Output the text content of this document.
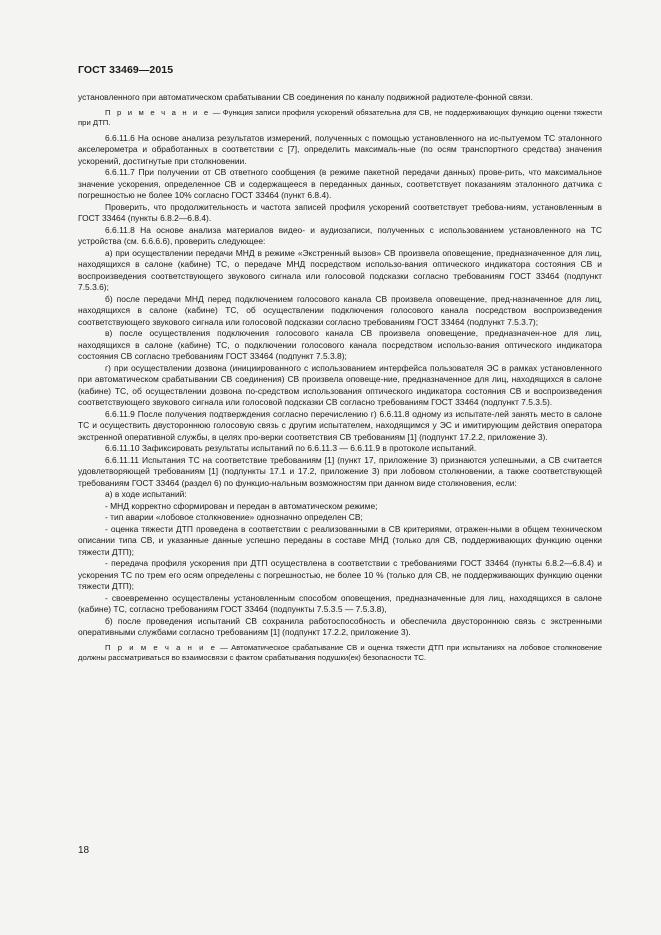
ГОСТ 33469—2015

установленного при автоматическом срабатывании СВ соединения по каналу подвижной радиотеле-фонной связи.

П р и м е ч а н и е — Функция записи профиля ускорений обязательна для СВ, не поддерживающих функцию оценки тяжести при ДТП.

6.6.11.6 На основе анализа результатов измерений, полученных с помощью установленного на ис-пытуемом ТС эталонного акселерометра и обработанных в соответствии с [7], определить максималь-ные (по осям транспортного средства) значения ускорений, достигнутые при столкновении.

6.6.11.7 При получении от СВ ответного сообщения (в режиме пакетной передачи данных) прове-рить, что максимальное значение ускорения, определенное СВ и содержащееся в переданных данных, соответствует показаниям эталонного датчика с погрешностью не более 10% согласно ГОСТ 33464 (пункт 6.8.4).

Проверить, что продолжительность и частота записей профиля ускорений соответствует требова-ниям, установленным в ГОСТ 33464 (пункты 6.8.2—6.8.4).

6.6.11.8 На основе анализа материалов видео- и аудиозаписи, полученных с использованием установленного на ТС устройства (см. 6.6.6.6), проверить следующее:

а) при осуществлении передачи МНД в режиме «Экстренный вызов» СВ произвела оповещение, предназначенное для лиц, находящихся в салоне (кабине) ТС, о передаче МНД посредством использо-вания оптического индикатора состояния СВ и воспроизведения соответствующего звукового сигнала или голосовой подсказки согласно требованиям ГОСТ 33464 (подпункт 7.5.3.6);

б) после передачи МНД перед подключением голосового канала СВ произвела оповещение, пред-назначенное для лиц, находящихся в салоне (кабине) ТС, об осуществлении подключения голосового канала посредством воспроизведения соответствующего звукового сигнала или голосовой подсказки согласно требованиям ГОСТ 33464 (подпункт 7.5.3.7);

в) после осуществления подключения голосового канала СВ произвела оповещение, предназначен-ное для лиц, находящихся в салоне (кабине) ТС, о подключении голосового канала посредством использо-вания оптического индикатора состояния СВ согласно требованиям ГОСТ 33464 (подпункт 7.5.3.8);

г) при осуществлении дозвона (инициированного с использованием интерфейса пользователя ЭС в рамках установленного при автоматическом срабатывании СВ соединения) СВ произвела оповеще-ние, предназначенное для лиц, находящихся в салоне (кабине) ТС, об осуществлении дозвона по-средством использования оптического индикатора состояния СВ и воспроизведения соответствующего звукового сигнала или голосовой подсказки СВ согласно требованиям ГОСТ 33464 (подпункт 7.5.3.5).

6.6.11.9 После получения подтверждения согласно перечислению г) 6.6.11.8 одному из испытате-лей занять место в салоне ТС и осуществить двустороннюю голосовую связь с другим испытателем, находящимся у ЭС и имитирующим действия оператора экстренной оперативной службы, в целях про-верки соответствия СВ требованиям [1] (подпункт 17.2.2, приложение 3).

6.6.11.10 Зафиксировать результаты испытаний по 6.6.11.3 — 6.6.11.9 в протоколе испытаний.

6.6.11.11 Испытания ТС на соответствие требованиям [1] (пункт 17, приложение 3) признаются успешными, а СВ считается удовлетворяющей требованиям [1] (подпункты 17.1 и 17.2, приложение 3) при лобовом столкновении, а также соответствующей требованиям ГОСТ 33464 (раздел 6) по функцио-нальным возможностям при данном виде столкновения, если:

а) в ходе испытаний:

- МНД корректно сформирован и передан в автоматическом режиме;

- тип аварии «лобовое столкновение» однозначно определен СВ;

- оценка тяжести ДТП проведена в соответствии с реализованными в СВ критериями, отражен-ными в общем техническом описании типа СВ, и указанные данные успешно переданы в составе МНД (только для СВ, поддерживающих функцию оценки тяжести ДТП);

- передача профиля ускорения при ДТП осуществлена в соответствии с требованиями ГОСТ 33464 (пункты 6.8.2—6.8.4) и ускорения ТС по трем его осям определены с погрешностью, не более 10 % (только для СВ, не поддерживающих функцию оценки тяжести ДТП);

- своевременно осуществлены установленным способом оповещения, предназначенные для лиц, находящихся в салоне (кабине) ТС, согласно требованиям ГОСТ 33464 (подпункты 7.5.3.5 — 7.5.3.8),

б) после проведения испытаний СВ сохранила работоспособность и обеспечила двустороннюю связь с экстренными оперативными службами согласно требованиям [1] (подпункт 17.2.2, приложение 3).

П р и м е ч а н и е — Автоматическое срабатывание СВ и оценка тяжести ДТП при испытаниях на лобовое столкновение должны рассматриваться во взаимосвязи с фактом срабатывания подушки(ек) безопасности ТС.

18
